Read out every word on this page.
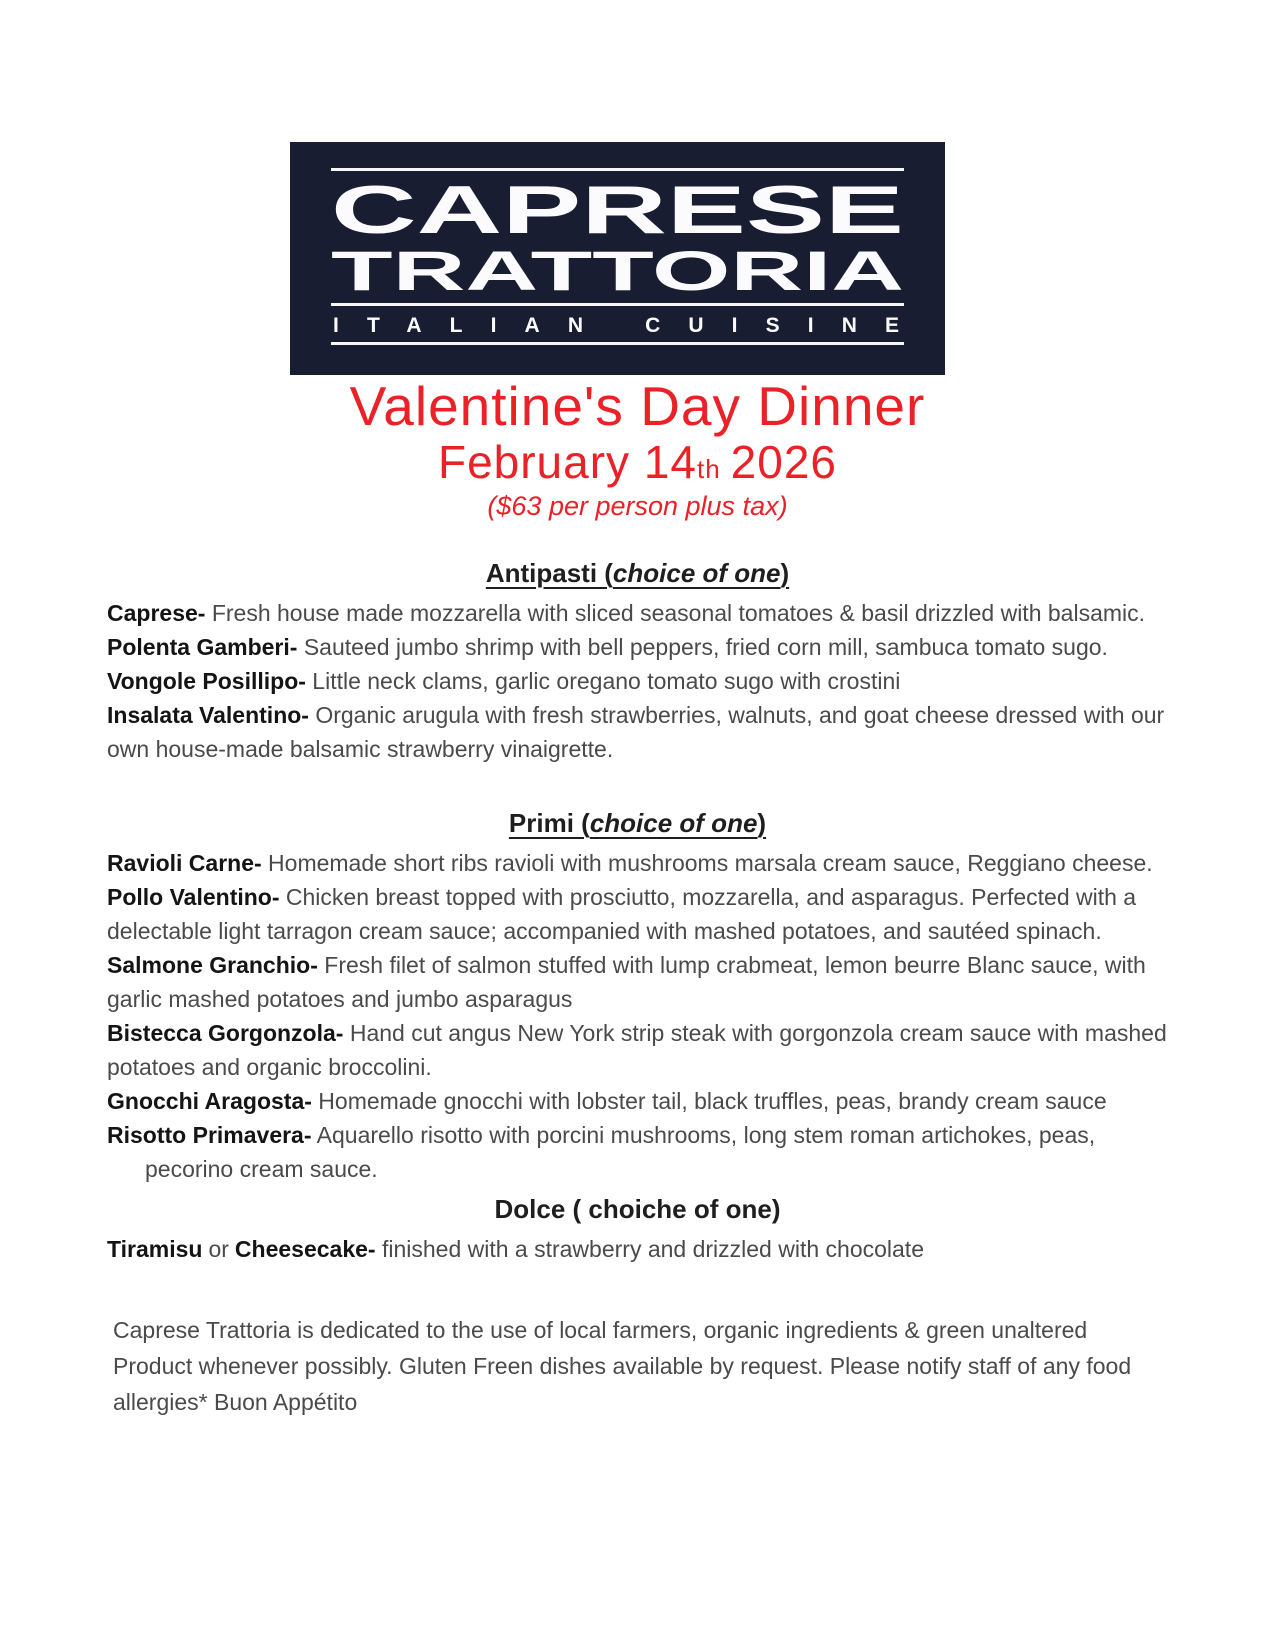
CAPRESE
TRATTORIA
ITALIAN CUISINE
Valentine's Day Dinner
February 14th 2026
($63 per person plus tax)
Antipasti (choice of one)

Caprese- Fresh house made mozzarella with sliced seasonal tomatoes & basil drizzled with balsamic.

Polenta Gamberi- Sauteed jumbo shrimp with bell peppers, fried corn mill, sambuca tomato sugo.

Vongole Posillipo- Little neck clams, garlic oregano tomato sugo with crostini

Insalata Valentino- Organic arugula with fresh strawberries, walnuts, and goat cheese dressed with our own house-made balsamic strawberry vinaigrette.

Primi (choice of one)

Ravioli Carne- Homemade short ribs ravioli with mushrooms marsala cream sauce, Reggiano cheese.

Pollo Valentino- Chicken breast topped with prosciutto, mozzarella, and asparagus. Perfected with a delectable light tarragon cream sauce; accompanied with mashed potatoes, and sautéed spinach.

Salmone Granchio- Fresh filet of salmon stuffed with lump crabmeat, lemon beurre Blanc sauce, with garlic mashed potatoes and jumbo asparagus

Bistecca Gorgonzola- Hand cut angus New York strip steak with gorgonzola cream sauce with mashed potatoes and organic broccolini.

Gnocchi Aragosta- Homemade gnocchi with lobster tail, black truffles, peas, brandy cream sauce

Risotto Primavera- Aquarello risotto with porcini mushrooms, long stem roman artichokes, peas,
pecorino cream sauce.

Dolce ( choiche of one)

Tiramisu or Cheesecake- finished with a strawberry and drizzled with chocolate

Caprese Trattoria is dedicated to the use of local farmers, organic ingredients & green unaltered
Product whenever possibly. Gluten Freen dishes available by request. Please notify staff of any food
allergies* Buon Appétito
